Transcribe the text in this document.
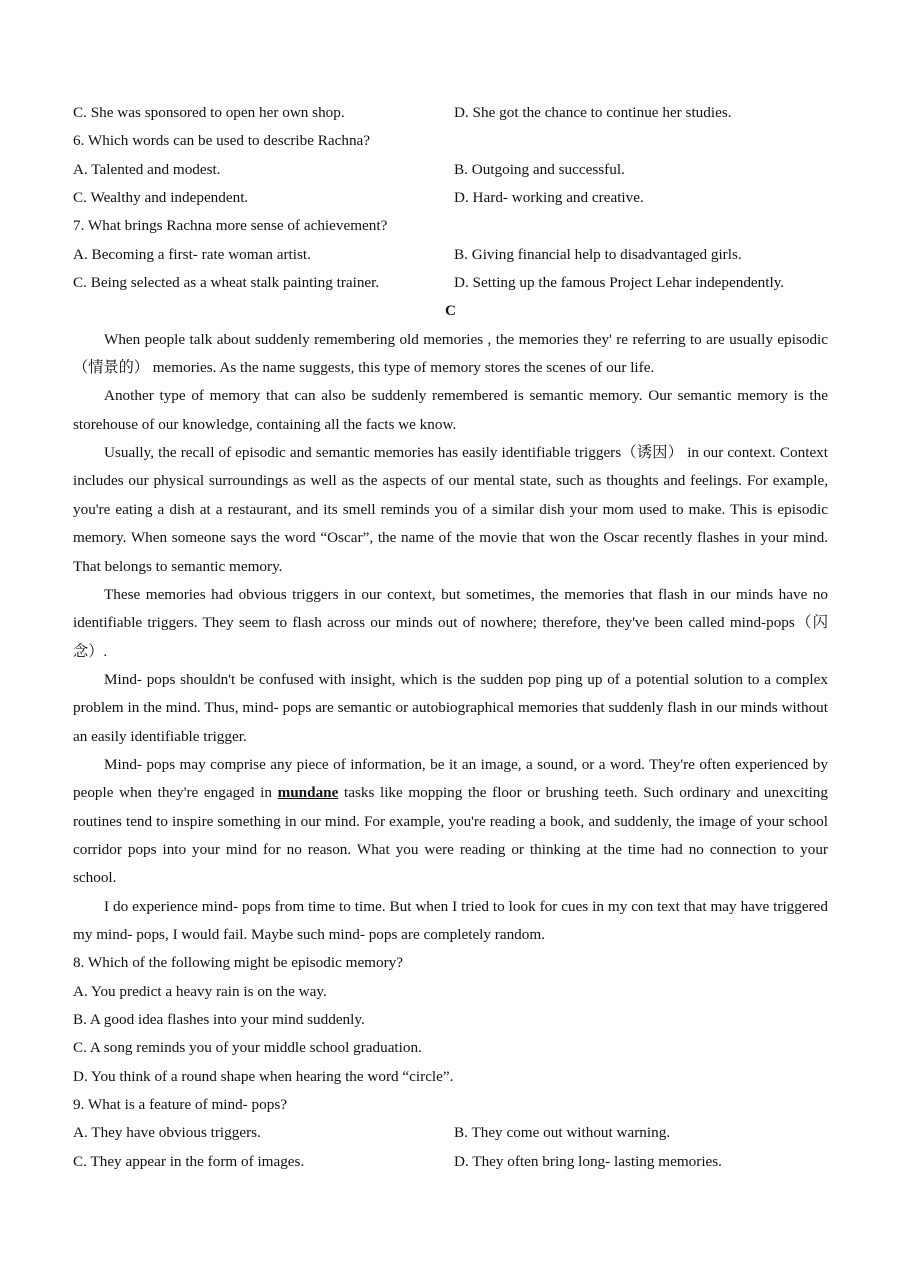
C. She was sponsored to open her own shop.	D. She got the chance to continue her studies.
6. Which words can be used to describe Rachna?
A. Talented and modest.	B. Outgoing and successful.
C. Wealthy and independent.	D. Hard- working and creative.
7. What brings Rachna more sense of achievement?
A. Becoming a first- rate woman artist.	B. Giving financial help to disadvantaged girls.
C. Being selected as a wheat stalk painting trainer.	D. Setting up the famous Project Lehar independently.
C

When people talk about suddenly remembering old memories , the memories they' re referring to are usually episodic（情景的） memories. As the name suggests, this type of memory stores the scenes of our life.

Another type of memory that can also be suddenly remembered is semantic memory. Our semantic memory is the storehouse of our knowledge, containing all the facts we know.

Usually, the recall of episodic and semantic memories has easily identifiable triggers（诱因） in our context. Context includes our physical surroundings as well as the aspects of our mental state, such as thoughts and feelings. For example, you're eating a dish at a restaurant, and its smell reminds you of a similar dish your mom used to make. This is episodic memory. When someone says the word “Oscar”, the name of the movie that won the Oscar recently flashes in your mind. That belongs to semantic memory.

These memories had obvious triggers in our context, but sometimes, the memories that flash in our minds have no identifiable triggers. They seem to flash across our minds out of nowhere; therefore, they've been called mind-pops（闪念）.

Mind- pops shouldn't be confused with insight, which is the sudden pop ping up of a potential solution to a complex problem in the mind. Thus, mind- pops are semantic or autobiographical memories that suddenly flash in our minds without an easily identifiable trigger.

Mind- pops may comprise any piece of information, be it an image, a sound, or a word. They're often experienced by people when they're engaged in mundane tasks like mopping the floor or brushing teeth. Such ordinary and unexciting routines tend to inspire something in our mind. For example, you're reading a book, and suddenly, the image of your school corridor pops into your mind for no reason. What you were reading or thinking at the time had no connection to your school.

I do experience mind- pops from time to time. But when I tried to look for cues in my con text that may have triggered my mind- pops, I would fail. Maybe such mind- pops are completely random.

8. Which of the following might be episodic memory?
A. You predict a heavy rain is on the way.
B. A good idea flashes into your mind suddenly.
C. A song reminds you of your middle school graduation.
D. You think of a round shape when hearing the word “circle”.
9. What is a feature of mind- pops?
A. They have obvious triggers.	B. They come out without warning.
C. They appear in the form of images.	D. They often bring long- lasting memories.
